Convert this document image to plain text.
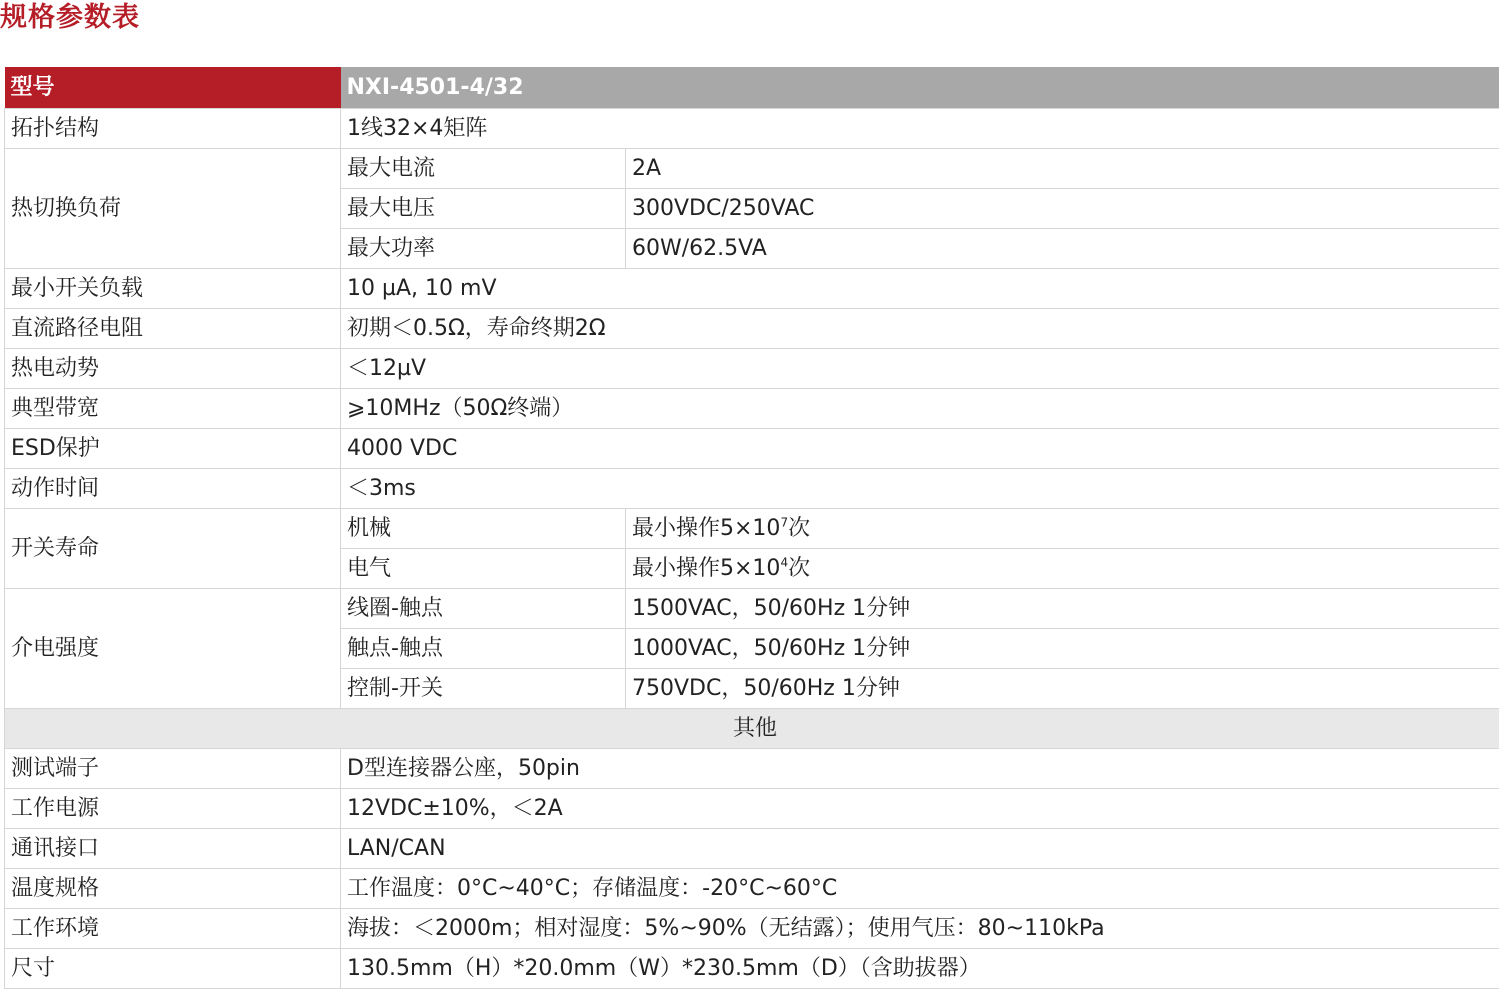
规格参数表
型号	NXI-4501-4/32	
拓扑结构	1线32×4矩阵	
热切换负荷	最大电流	2A
	最大电压	300VDC/250VAC
	最大功率	60W/62.5VA
最小开关负载	10 µA, 10 mV	
直流路径电阻	初期＜0.5Ω，寿命终期2Ω	
热电动势	＜12µV	
典型带宽	⩾10MHz（50Ω终端）	
ESD保护	4000 VDC	
动作时间	＜3ms	
开关寿命	机械	最小操作$5\times 10^7$次
	电气	最小操作$5\times 10^4$次
介电强度	线圈-触点	1500VAC，50/60Hz 1分钟
	触点-触点	1000VAC，50/60Hz 1分钟
	控制-开关	750VDC，50/60Hz 1分钟
其他		
测试端子	D型连接器公座，50pin	
工作电源	12VDC±10%，＜2A	
通讯接口	LAN/CAN	
温度规格	工作温度：0°C~40°C；存储温度：-20°C~60°C	
工作环境	海拔：＜2000m；相对湿度：5%~90%（无结露）；使用气压：80~110kPa	
尺寸	130.5mm（H）*20.0mm（W）*230.5mm（D）（含助拔器）	
